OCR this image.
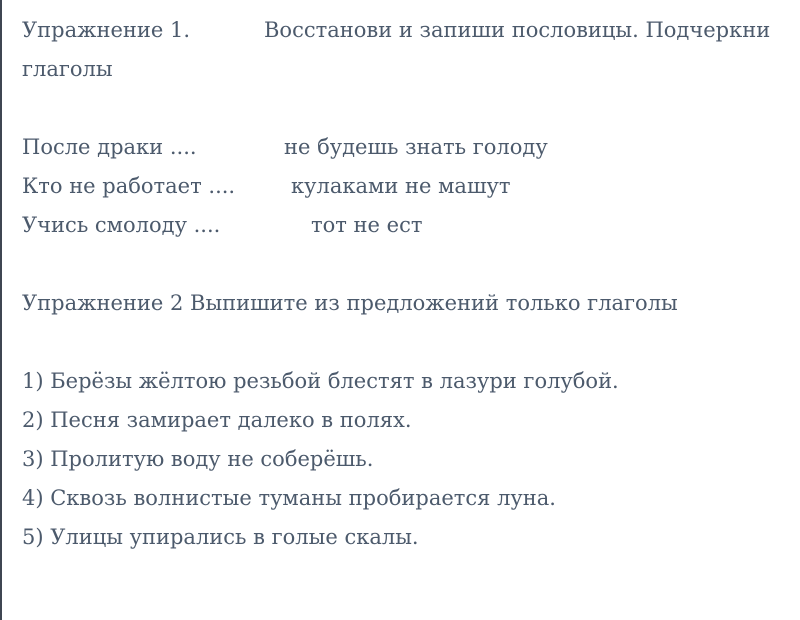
Упражнение 1.	Восстанови и запиши пословицы. Подчеркни
глаголы
После драки ....	не будешь знать голоду
Кто не работает ....	кулаками не машут
Учись смолоду ....	тот не ест
Упражнение 2 Выпишите из предложений только глаголы
1) Берёзы жёлтою резьбой блестят в лазури голубой.
2) Песня замирает далеко в полях.
3) Пролитую воду не соберёшь.
4) Сквозь волнистые туманы пробирается луна.
5) Улицы упирались в голые скалы.
